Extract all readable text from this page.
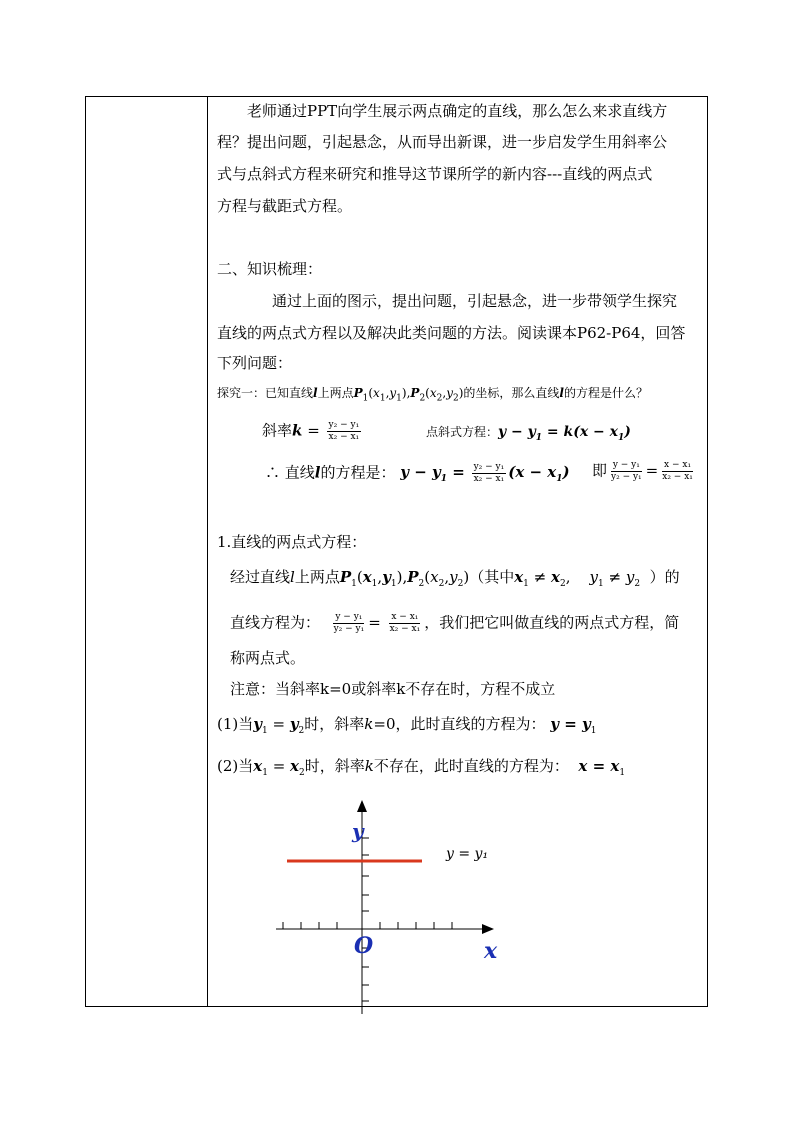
老师通过PPT向学生展示两点确定的直线，那么怎么来求直线方
程？提出问题，引起悬念，从而导出新课，进一步启发学生用斜率公
式与点斜式方程来研究和推导这节课所学的新内容---直线的两点式
方程与截距式方程。
二、知识梳理：
通过上面的图示，提出问题，引起悬念，进一步带领学生探究
直线的两点式方程以及解决此类问题的方法。阅读课本P62-P64，回答
下列问题：
探究一：已知直线l上两点$P_1(x_1,y_1),P_2(x_2,y_2)$的坐标，那么直线l的方程是什么？
斜率$k = \frac{\text{y₂ − y₁}}{\text{x₂ − x₁}}$	点斜式方程：$y - y_1 = k(x - x_1)$
∴ 直线l的方程是： $y - y_1 = \frac{\text{y₂ − y₁}}{\text{x₂ − x₁}} (x - x_1)$ 即 $\frac{\text{y − y₁}}{\text{y₂ − y₁}} = \frac{\text{x − x₁}}{\text{x₂ − x₁}}$
1.直线的两点式方程：
经过直线l上两点$P_1(x_1,y_1),P_2(x_2,y_2)$（其中$x_1 \ne x_2$,    $y_1 \ne y_2$ ）的
直线方程为： $\frac{\text{y − y₁}}{\text{y₂ − y₁}} = \frac{\text{x − x₁}}{\text{x₂ − x₁}}$ ，我们把它叫做直线的两点式方程，简
称两点式。
注意：当斜率k=0或斜率k不存在时，方程不成立
(1)当$y_1 = y_2$时，斜率k=0，此时直线的方程为： $y = y_1$
(2)当$x_1 = x_2$时，斜率k不存在，此时直线的方程为： $x = x_1$
y = y₁
y
x
O
